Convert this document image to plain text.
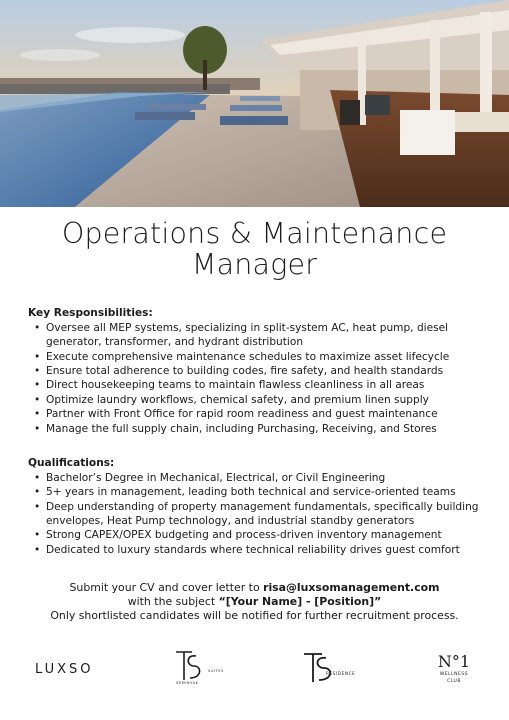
Operations & Maintenance
Manager
Key Responsibilities:
• Oversee all MEP systems, specializing in split-system AC, heat pump, diesel generator, transformer, and hydrant distribution
• Execute comprehensive maintenance schedules to maximize asset lifecycle
• Ensure total adherence to building codes, fire safety, and health standards
• Direct housekeeping teams to maintain flawless cleanliness in all areas
• Optimize laundry workflows, chemical safety, and premium linen supply
• Partner with Front Office for rapid room readiness and guest maintenance
• Manage the full supply chain, including Purchasing, Receiving, and Stores
Qualifications:
• Bachelor’s Degree in Mechanical, Electrical, or Civil Engineering
• 5+ years in management, leading both technical and service-oriented teams
• Deep understanding of property management fundamentals, specifically building envelopes, Heat Pump technology, and industrial standby generators
• Strong CAPEX/OPEX budgeting and process-driven inventory management
• Dedicated to luxury standards where technical reliability drives guest comfort
Submit your CV and cover letter to risa@luxsomanagement.com
with the subject “[Your Name] - [Position]”
Only shortlisted candidates will be notified for further recruitment process.
LUXSO	SUITES
SEMINYAK
RESIDENCE
N°1
WELLNESS
CLUB
